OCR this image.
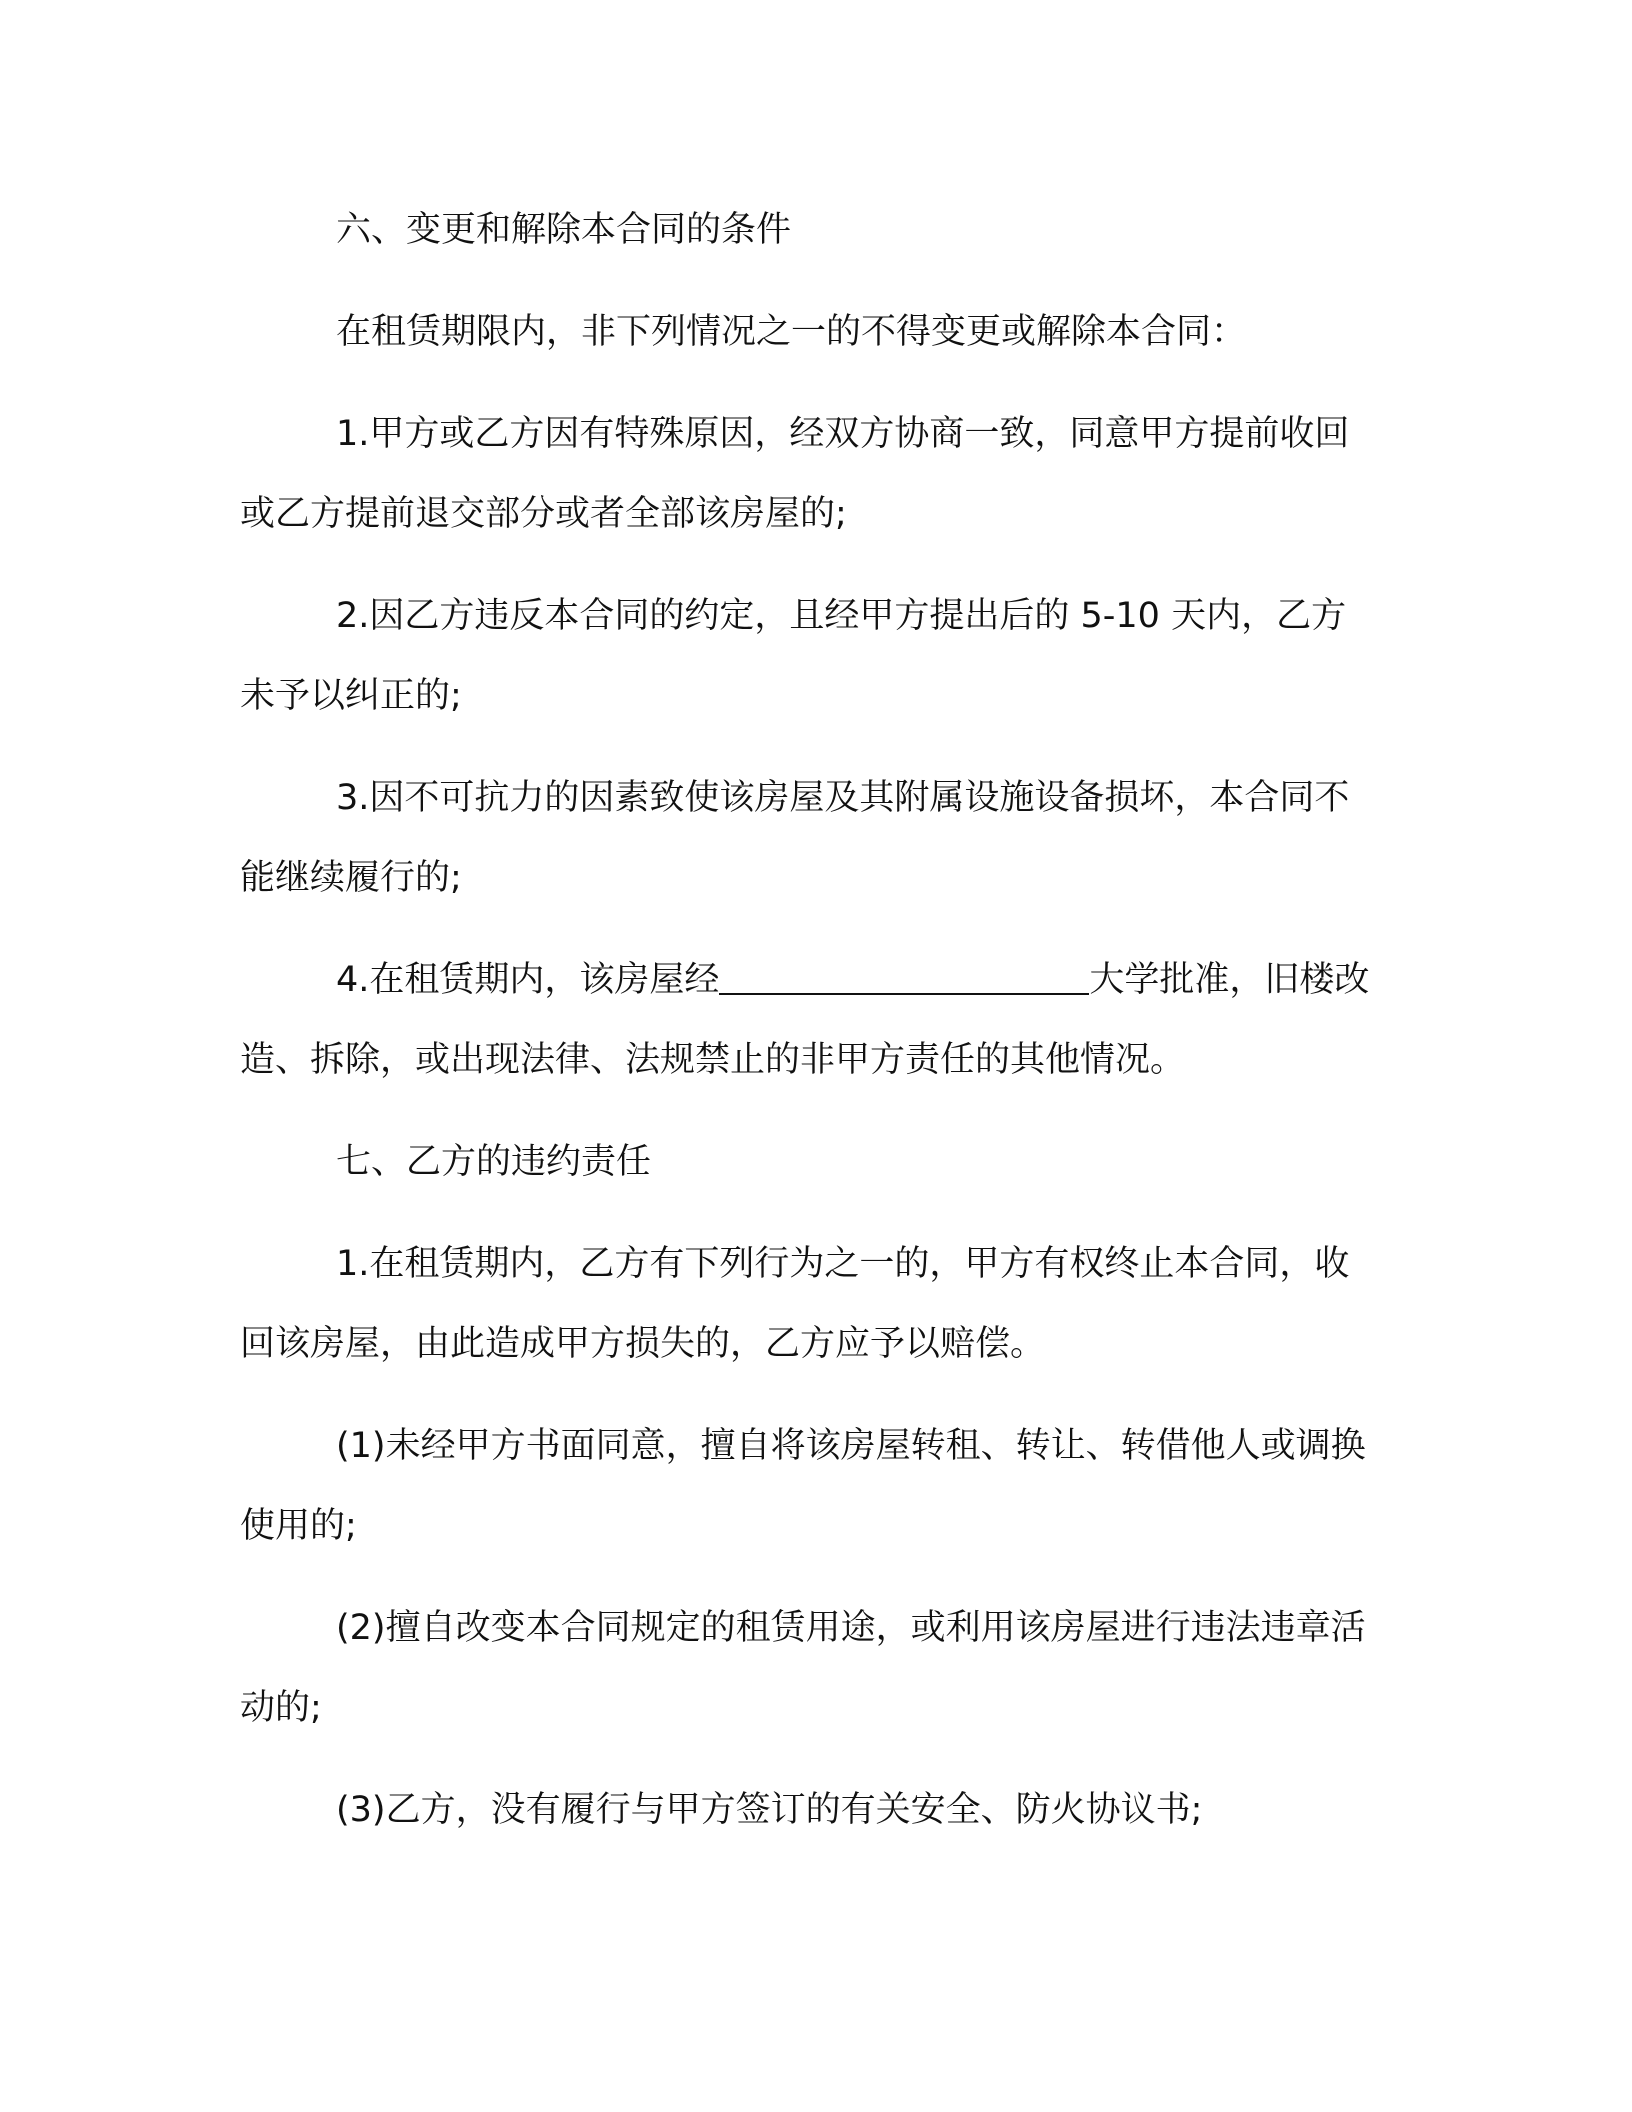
六、变更和解除本合同的条件

在租赁期限内，非下列情况之一的不得变更或解除本合同：

1.甲方或乙方因有特殊原因，经双方协商一致，同意甲方提前收回或乙方提前退交部分或者全部该房屋的;

2.因乙方违反本合同的约定，且经甲方提出后的 5-10 天内，乙方未予以纠正的;

3.因不可抗力的因素致使该房屋及其附属设施设备损坏，本合同不能继续履行的;

4.在租赁期内，该房屋经	大学批准，旧楼改造、拆除，或出现法律、法规禁止的非甲方责任的其他情况。

七、乙方的违约责任

1.在租赁期内，乙方有下列行为之一的，甲方有权终止本合同，收回该房屋，由此造成甲方损失的，乙方应予以赔偿。

(1)未经甲方书面同意，擅自将该房屋转租、转让、转借他人或调换使用的;

(2)擅自改变本合同规定的租赁用途，或利用该房屋进行违法违章活动的;

(3)乙方，没有履行与甲方签订的有关安全、防火协议书;
